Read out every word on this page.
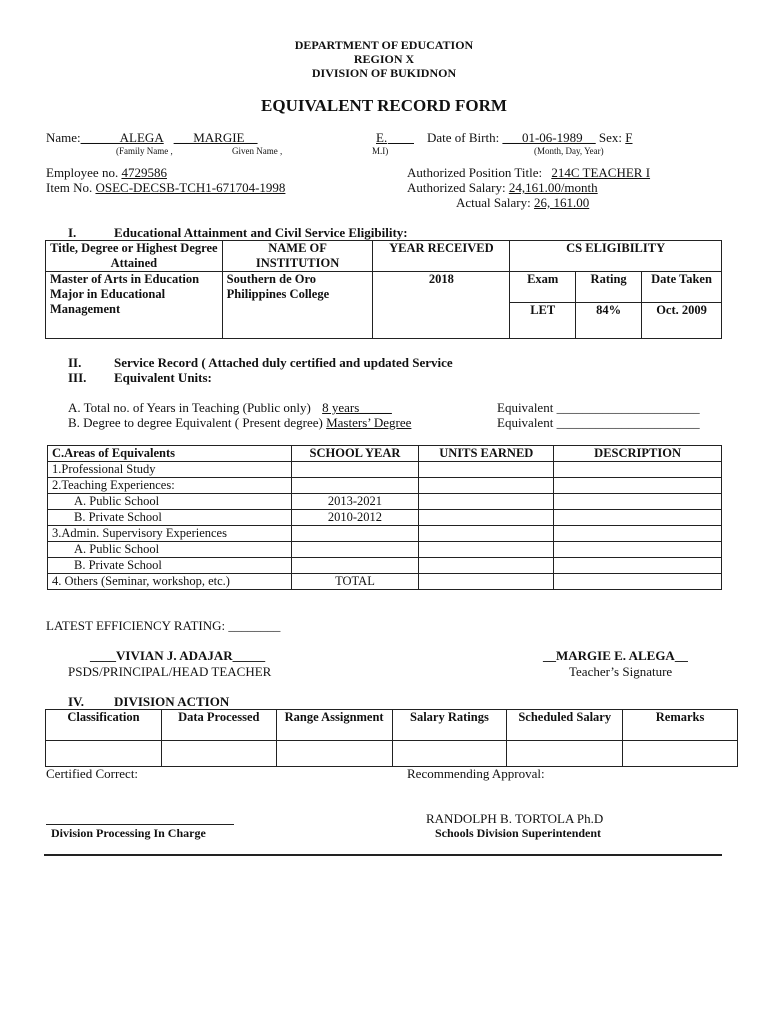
DEPARTMENT OF EDUCATION
REGION X
DIVISION OF BUKIDNON
EQUIVALENT RECORD FORM
Name:______ALEGA ___MARGIE__	E.
	Date of Birth: ___01-06-1989__ Sex: F
(Family Name ,	Given Name ,	M.I)	(Month, Day, Year)
Employee no. 4729586
Item No. OSEC-DECSB-TCH1-671704-1998
Authorized Position Title: 214C TEACHER I
Authorized Salary: 24,161.00/month
Actual Salary: 26, 161.00
I.	Educational Attainment and Civil Service Eligibility:
Title, Degree or Highest Degree Attained	NAME OF INSTITUTION	YEAR RECEIVED	CS ELIGIBILITY		
Master of Arts in Education Major in Educational Management	Southern de Oro Philippines College	2018	Exam	Rating	Date Taken
			LET	84%	Oct. 2009
II.	Service Record ( Attached duly certified and updated Service
III. Equivalent Units:
A. Total no. of Years in Teaching (Public only) 8 years_____
B. Degree to degree Equivalent ( Present degree) Masters’ Degree
Equivalent ______________________
Equivalent ______________________
C.Areas of Equivalents	SCHOOL YEAR	UNITS EARNED	DESCRIPTION
1.Professional Study			
2.Teaching Experiences:			
A. Public School	2013-2021		
B. Private School	2010-2012		
3.Admin. Supervisory Experiences			
A. Public School			
B. Private School			
4. Others (Seminar, workshop, etc.)	TOTAL		
LATEST EFFICIENCY RATING: ________
____VIVIAN J. ADAJAR_____
PSDS/PRINCIPAL/HEAD TEACHER
__MARGIE E. ALEGA__
Teacher’s Signature
IV. DIVISION ACTION
Classification	Data Processed	Range Assignment	Salary Ratings	Scheduled Salary	Remarks

Certified Correct:	Recommending Approval:
RANDOLPH B. TORTOLA Ph.D
Schools Division Superintendent
Division Processing In Charge
